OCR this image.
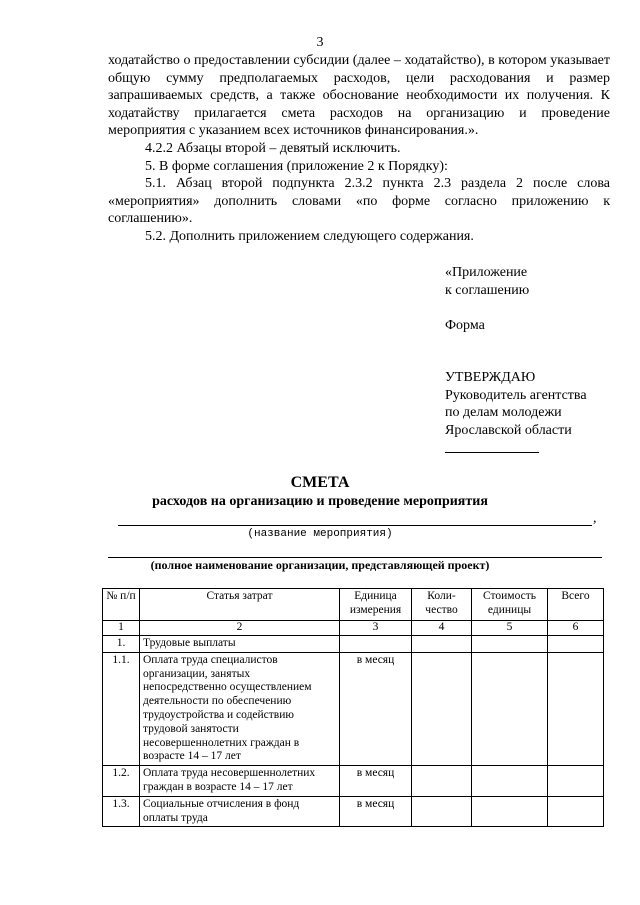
3

ходатайство о предоставлении субсидии (далее – ходатайство), в котором указывает общую сумму предполагаемых расходов, цели расходования и размер запрашиваемых средств, а также обоснование необходимости их получения. К ходатайству прилагается смета расходов на организацию и проведение мероприятия с указанием всех источников финансирования.».

4.2.2 Абзацы второй – девятый исключить.

5. В форме соглашения (приложение 2 к Порядку):

5.1. Абзац второй подпункта 2.3.2 пункта 2.3 раздела 2 после слова «мероприятия» дополнить словами «по форме согласно приложению к соглашению».

5.2. Дополнить приложением следующего содержания.

«Приложение
к соглашению
Форма
УТВЕРЖДАЮ
Руководитель агентства
по делам молодежи
Ярославской области
СМЕТА
расходов на организацию и проведение мероприятия
,
(название мероприятия)
(полное наименование организации, представляющей проект)
№ п/п	Статья затрат	Единица измерения	Коли-чество	Стоимость единицы	Всего
1	2	3	4	5	6
1.	Трудовые выплаты				
1.1.	Оплата труда специалистов организации, занятых непосредственно осуществлением деятельности по обеспечению трудоустройства и содействию трудовой занятости несовершеннолетних граждан в возрасте 14 – 17 лет	в месяц			
1.2.	Оплата труда несовершеннолетних граждан в возрасте 14 – 17 лет	в месяц			
1.3.	Социальные отчисления в фонд оплаты труда	в месяц			
